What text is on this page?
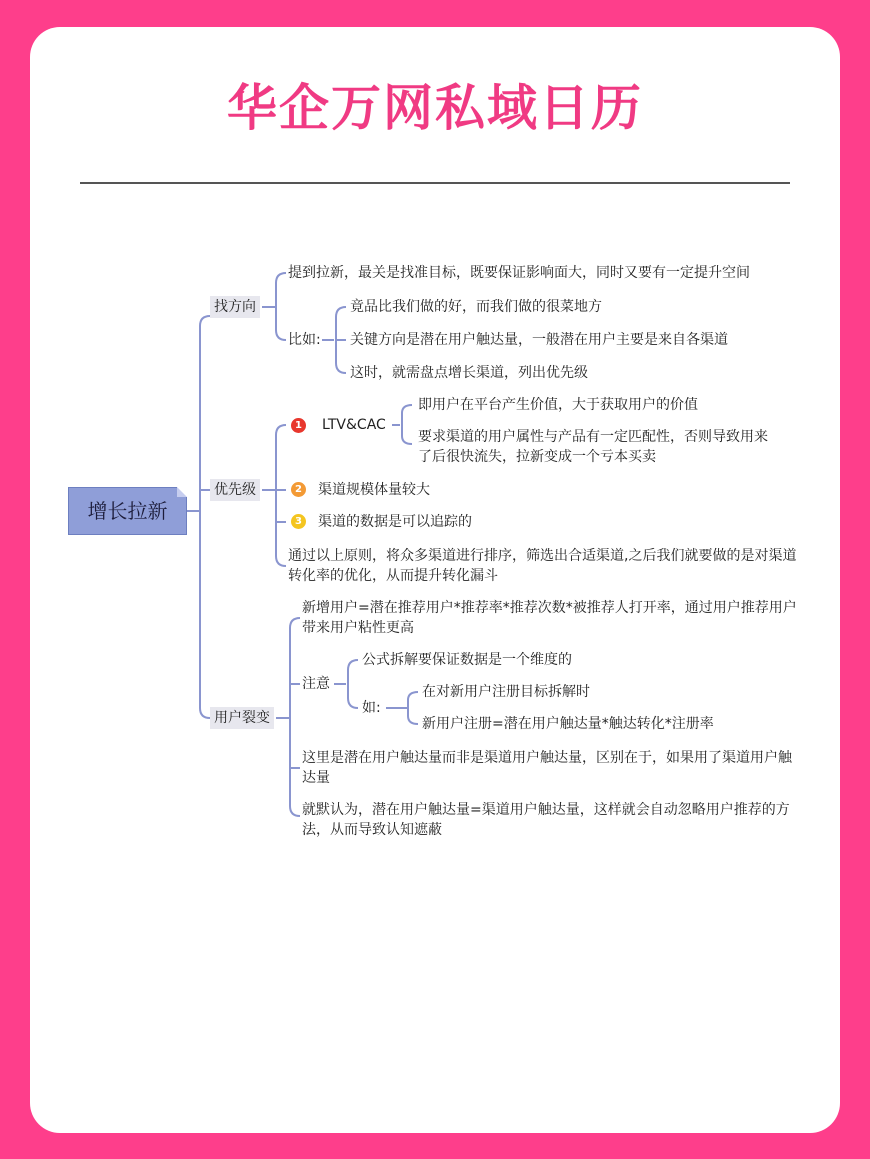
华企万网私域日历
增长拉新
找方向
提到拉新，最关是找准目标，既要保证影响面大，同时又要有一定提升空间
比如:
竟品比我们做的好，而我们做的很菜地方
关键方向是潜在用户触达量，一般潜在用户主要是来自各渠道
这时，就需盘点增长渠道，列出优先级
优先级
1 LTV&CAC
即用户在平台产生价值，大于获取用户的价值
要求渠道的用户属性与产品有一定匹配性，否则导致用来了后很快流失，拉新变成一个亏本买卖
2 渠道规模体量较大
3 渠道的数据是可以追踪的
通过以上原则，将众多渠道进行排序，筛选出合适渠道,之后我们就要做的是对渠道转化率的优化，从而提升转化漏斗
用户裂变
新增用户=潜在推荐用户*推荐率*推荐次数*被推荐人打开率，通过用户推荐用户带来用户粘性更高
注意
公式拆解要保证数据是一个维度的
如:
在对新用户注册目标拆解时
新用户注册=潜在用户触达量*触达转化*注册率
这里是潜在用户触达量而非是渠道用户触达量，区别在于，如果用了渠道用户触达量
就默认为，潜在用户触达量=渠道用户触达量，这样就会自动忽略用户推荐的方法，从而导致认知遮蔽
